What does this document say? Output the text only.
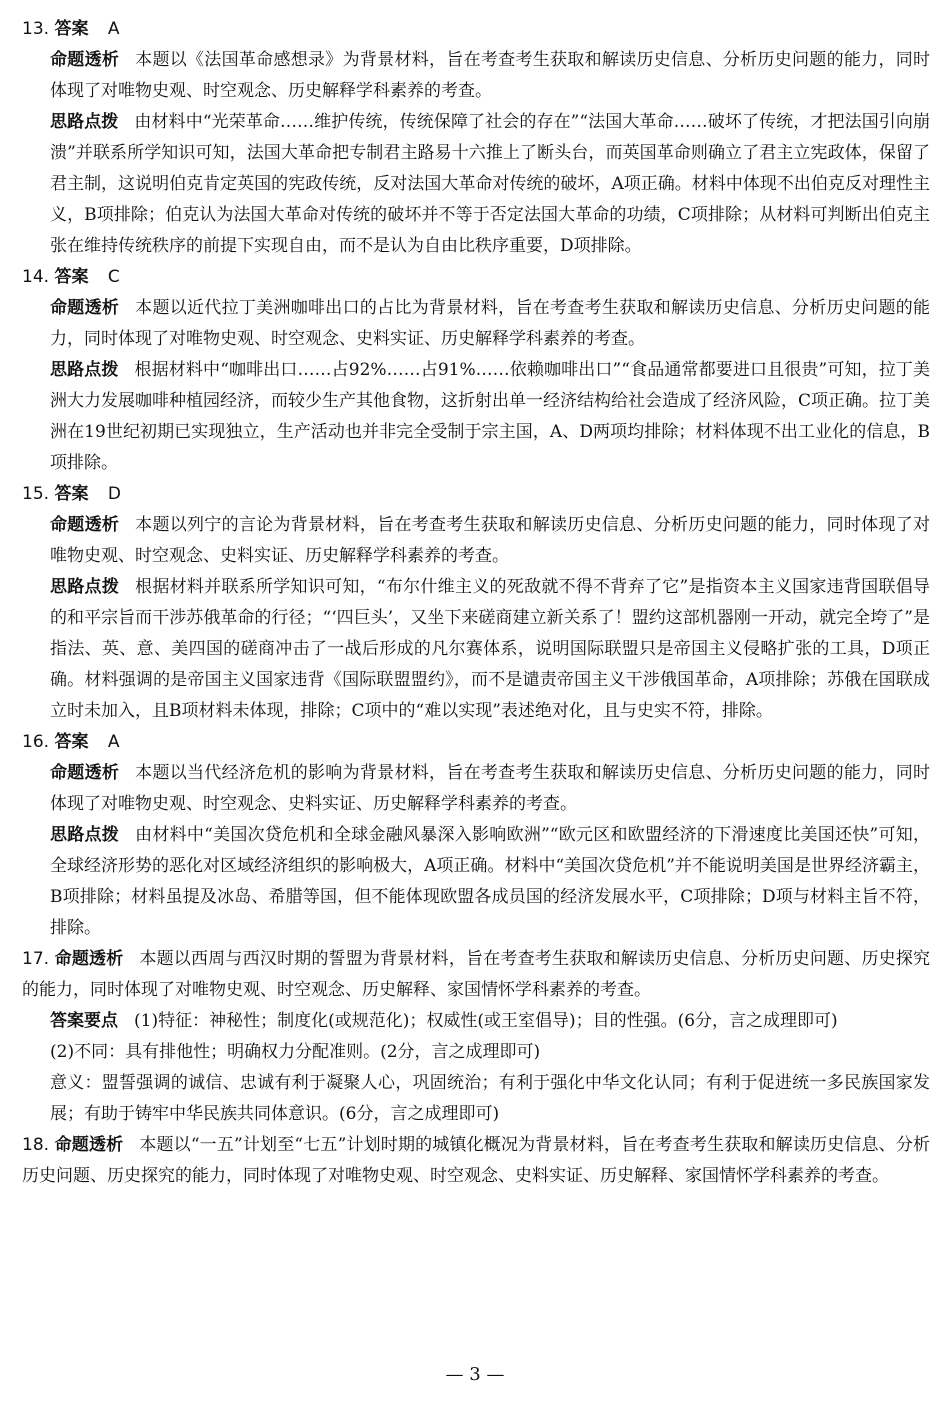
13. 答案 A
命题透析 本题以《法国革命感想录》为背景材料，旨在考查考生获取和解读历史信息、分析历史问题的能力，同时体现了对唯物史观、时空观念、历史解释学科素养的考查。
思路点拨 由材料中“光荣革命……维护传统，传统保障了社会的存在”“法国大革命……破坏了传统，才把法国引向崩溃”并联系所学知识可知，法国大革命把专制君主路易十六推上了断头台，而英国革命则确立了君主立宪政体，保留了君主制，这说明伯克肯定英国的宪政传统，反对法国大革命对传统的破坏，A项正确。材料中体现不出伯克反对理性主义，B项排除；伯克认为法国大革命对传统的破坏并不等于否定法国大革命的功绩，C项排除；从材料可判断出伯克主张在维持传统秩序的前提下实现自由，而不是认为自由比秩序重要，D项排除。
14. 答案 C
命题透析 本题以近代拉丁美洲咖啡出口的占比为背景材料，旨在考查考生获取和解读历史信息、分析历史问题的能力，同时体现了对唯物史观、时空观念、史料实证、历史解释学科素养的考查。
思路点拨 根据材料中“咖啡出口……占92%……占91%……依赖咖啡出口”“食品通常都要进口且很贵”可知，拉丁美洲大力发展咖啡种植园经济，而较少生产其他食物，这折射出单一经济结构给社会造成了经济风险，C项正确。拉丁美洲在19世纪初期已实现独立，生产活动也并非完全受制于宗主国，A、D两项均排除；材料体现不出工业化的信息，B项排除。
15. 答案 D
命题透析 本题以列宁的言论为背景材料，旨在考查考生获取和解读历史信息、分析历史问题的能力，同时体现了对唯物史观、时空观念、史料实证、历史解释学科素养的考查。
思路点拨 根据材料并联系所学知识可知，“布尔什维主义的死敌就不得不背弃了它”是指资本主义国家违背国联倡导的和平宗旨而干涉苏俄革命的行径；“‘四巨头’，又坐下来磋商建立新关系了！盟约这部机器刚一开动，就完全垮了”是指法、英、意、美四国的磋商冲击了一战后形成的凡尔赛体系，说明国际联盟只是帝国主义侵略扩张的工具，D项正确。材料强调的是帝国主义国家违背《国际联盟盟约》，而不是谴责帝国主义干涉俄国革命，A项排除；苏俄在国联成立时未加入，且B项材料未体现，排除；C项中的“难以实现”表述绝对化，且与史实不符，排除。
16. 答案 A
命题透析 本题以当代经济危机的影响为背景材料，旨在考查考生获取和解读历史信息、分析历史问题的能力，同时体现了对唯物史观、时空观念、史料实证、历史解释学科素养的考查。
思路点拨 由材料中“美国次贷危机和全球金融风暴深入影响欧洲”“欧元区和欧盟经济的下滑速度比美国还快”可知，全球经济形势的恶化对区域经济组织的影响极大，A项正确。材料中“美国次贷危机”并不能说明美国是世界经济霸主，B项排除；材料虽提及冰岛、希腊等国，但不能体现欧盟各成员国的经济发展水平，C项排除；D项与材料主旨不符，排除。
17. 命题透析 本题以西周与西汉时期的誓盟为背景材料，旨在考查考生获取和解读历史信息、分析历史问题、历史探究的能力，同时体现了对唯物史观、时空观念、历史解释、家国情怀学科素养的考查。
答案要点 (1)特征：神秘性；制度化(或规范化)；权威性(或王室倡导)；目的性强。(6分，言之成理即可)
(2)不同：具有排他性；明确权力分配准则。(2分，言之成理即可)
意义：盟誓强调的诚信、忠诚有利于凝聚人心，巩固统治；有利于强化中华文化认同；有利于促进统一多民族国家发展；有助于铸牢中华民族共同体意识。(6分，言之成理即可)
18. 命题透析 本题以“一五”计划至“七五”计划时期的城镇化概况为背景材料，旨在考查考生获取和解读历史信息、分析历史问题、历史探究的能力，同时体现了对唯物史观、时空观念、史料实证、历史解释、家国情怀学科素养的考查。
— 3 —
